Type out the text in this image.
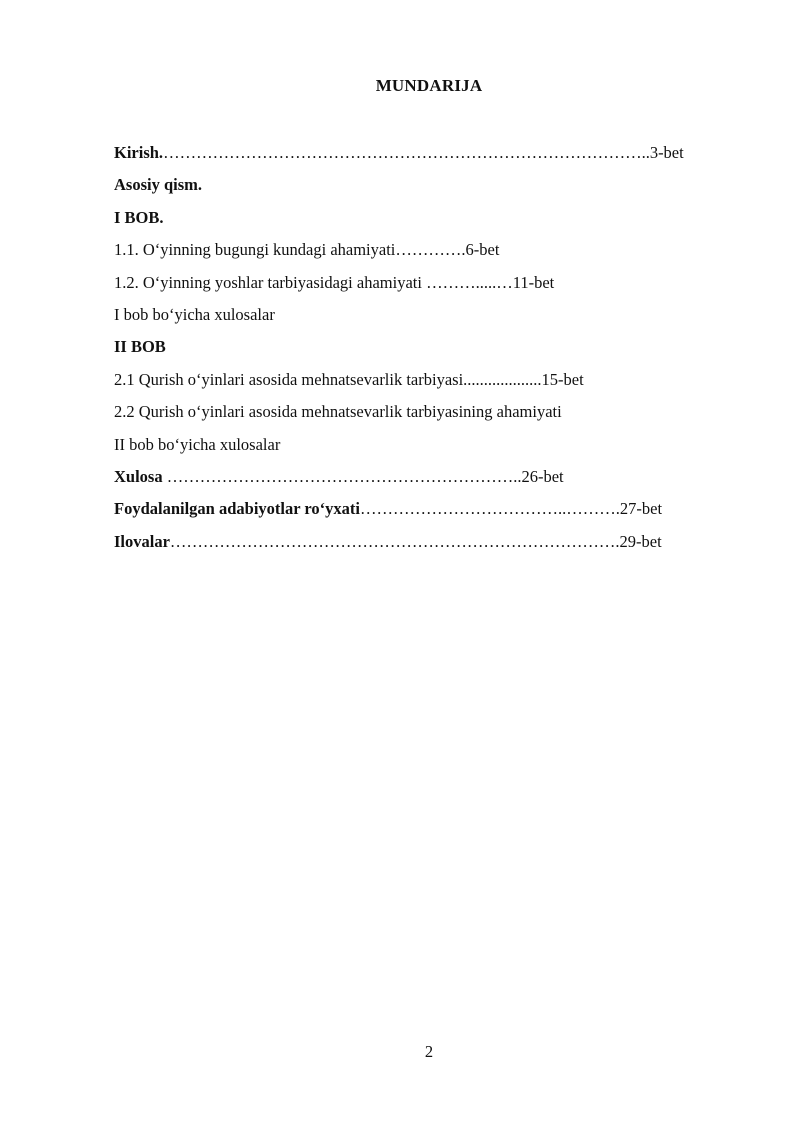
MUNDARIJA
Kirish.……………………………………………………………………………..3-bet
Asosiy qism.
I BOB.
1.1. O‘yinning bugungi kundagi ahamiyati………….6-bet
1.2. O‘yinning yoshlar tarbiyasidagi ahamiyati ……….....…11-bet
I bob bo‘yicha xulosalar
II BOB
2.1 Qurish o‘yinlari asosida mehnatsevarlik tarbiyasi...................15-bet
2.2 Qurish o‘yinlari asosida mehnatsevarlik tarbiyasining ahamiyati
II bob bo‘yicha xulosalar
Xulosa ………………………………………………………..26-bet
Foydalanilgan adabiyotlar ro‘yxati………………………………..……….27-bet
Ilovalar……………………………………………………………………….29-bet
2
